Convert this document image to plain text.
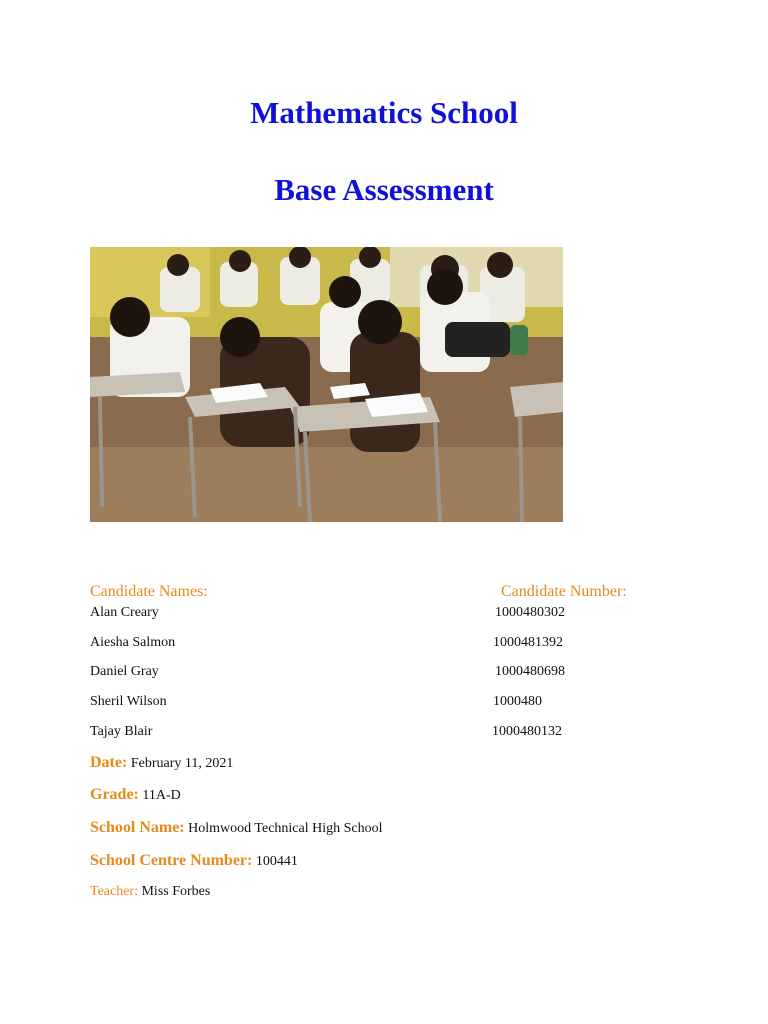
Mathematics School
Base Assessment
Candidate Names:	Candidate Number:
Alan Creary	1000480302
Aiesha Salmon	1000481392
Daniel Gray	1000480698
Sheril Wilson	1000480
Tajay Blair	1000480132
Date: February 11, 2021
Grade: 11A-D
School Name: Holmwood Technical High School
School Centre Number: 100441
Teacher: Miss Forbes
